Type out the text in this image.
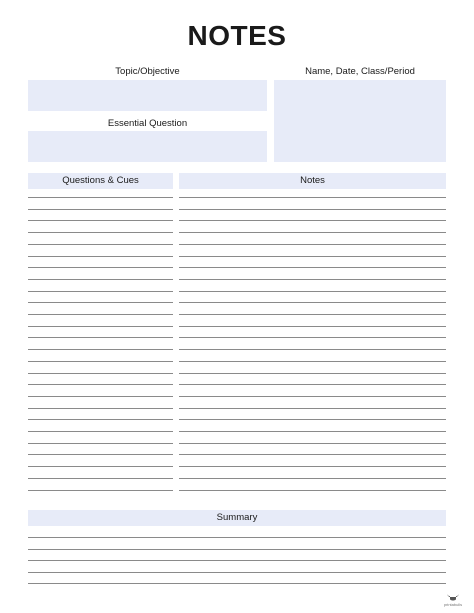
NOTES
Topic/Objective	Name, Date, Class/Period
Essential Question
Questions & Cues	Notes
Summary
printabulls
